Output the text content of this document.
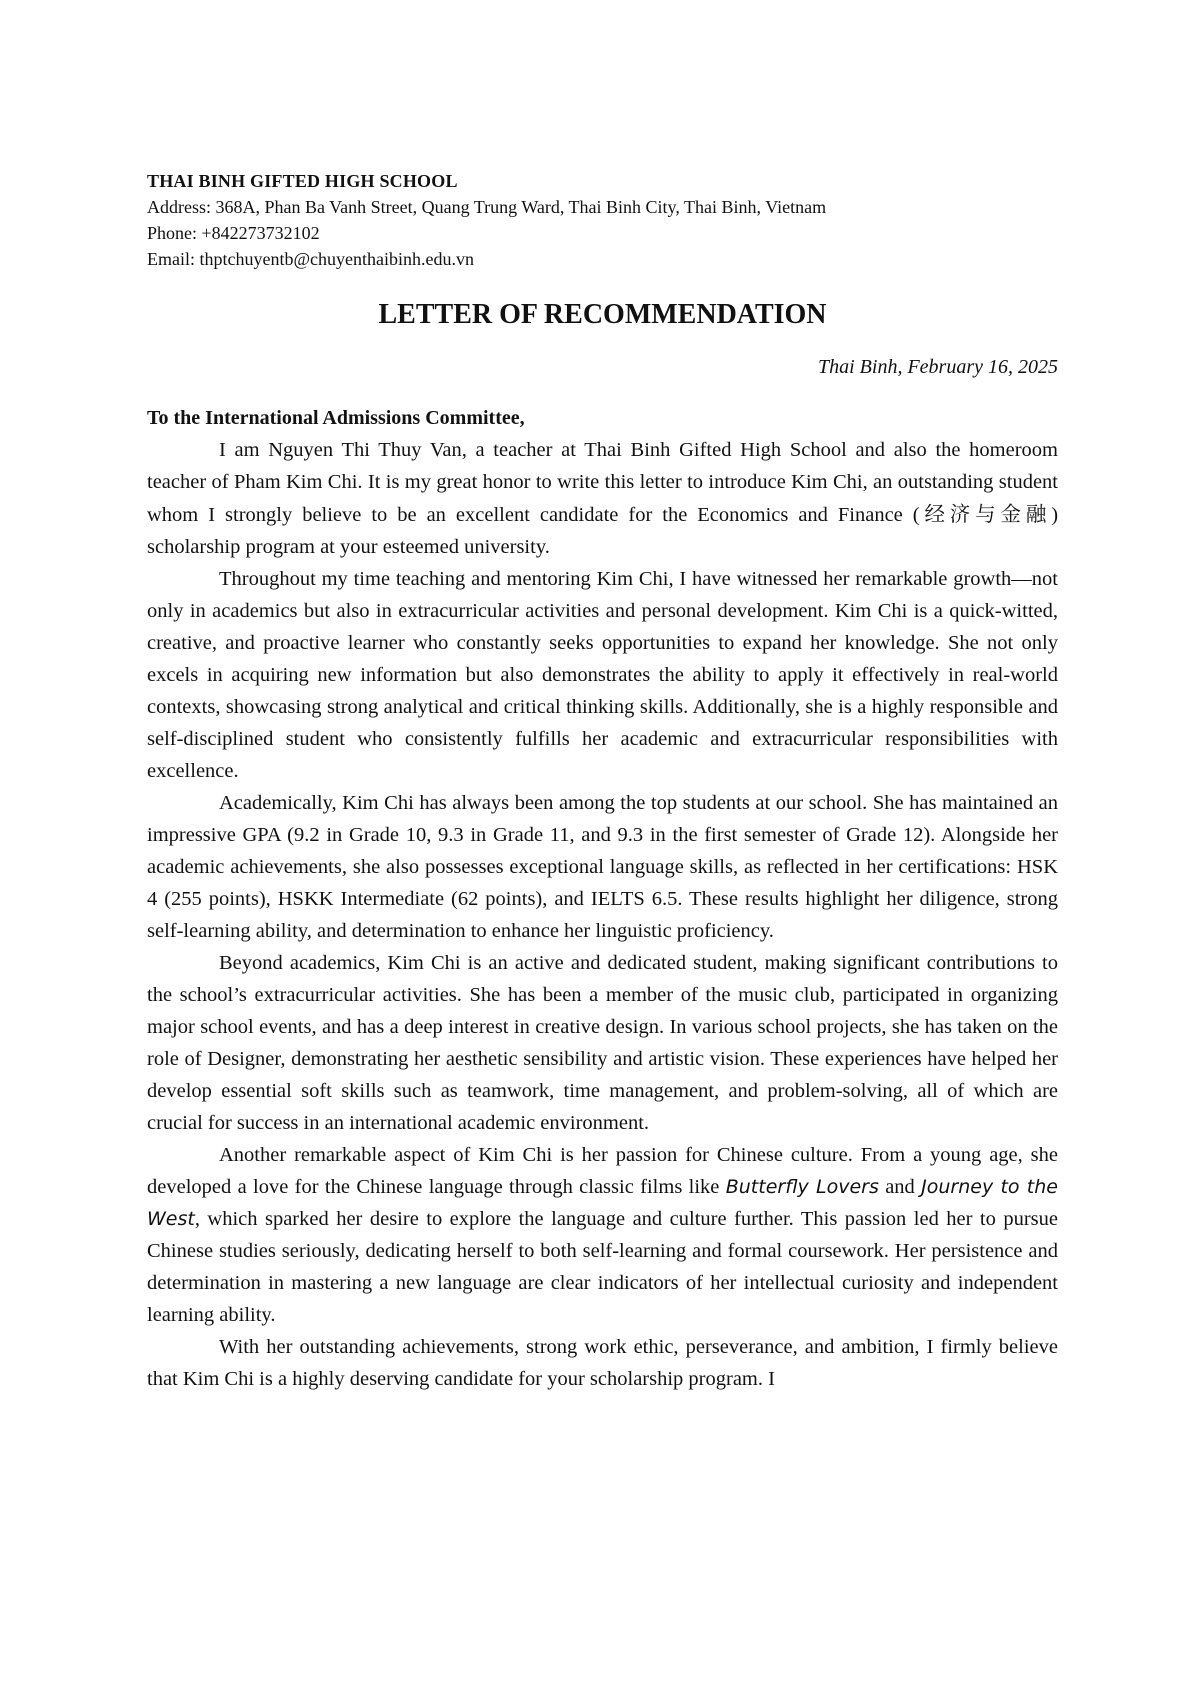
THAI BINH GIFTED HIGH SCHOOL
Address: 368A, Phan Ba Vanh Street, Quang Trung Ward, Thai Binh City, Thai Binh, Vietnam
Phone: +842273732102
Email: thptchuyentb@chuyenthaibinh.edu.vn
LETTER OF RECOMMENDATION
Thai Binh, February 16, 2025
To the International Admissions Committee,

I am Nguyen Thi Thuy Van, a teacher at Thai Binh Gifted High School and also the homeroom teacher of Pham Kim Chi. It is my great honor to write this letter to introduce Kim Chi, an outstanding student whom I strongly believe to be an excellent candidate for the Economics and Finance (经济与金融) scholarship program at your esteemed university.

Throughout my time teaching and mentoring Kim Chi, I have witnessed her remarkable growth—not only in academics but also in extracurricular activities and personal development. Kim Chi is a quick-witted, creative, and proactive learner who constantly seeks opportunities to expand her knowledge. She not only excels in acquiring new information but also demonstrates the ability to apply it effectively in real-world contexts, showcasing strong analytical and critical thinking skills. Additionally, she is a highly responsible and self-disciplined student who consistently fulfills her academic and extracurricular responsibilities with excellence.

Academically, Kim Chi has always been among the top students at our school. She has maintained an impressive GPA (9.2 in Grade 10, 9.3 in Grade 11, and 9.3 in the first semester of Grade 12). Alongside her academic achievements, she also possesses exceptional language skills, as reflected in her certifications: HSK 4 (255 points), HSKK Intermediate (62 points), and IELTS 6.5. These results highlight her diligence, strong self-learning ability, and determination to enhance her linguistic proficiency.

Beyond academics, Kim Chi is an active and dedicated student, making significant contributions to the school’s extracurricular activities. She has been a member of the music club, participated in organizing major school events, and has a deep interest in creative design. In various school projects, she has taken on the role of Designer, demonstrating her aesthetic sensibility and artistic vision. These experiences have helped her develop essential soft skills such as teamwork, time management, and problem-solving, all of which are crucial for success in an international academic environment.

Another remarkable aspect of Kim Chi is her passion for Chinese culture. From a young age, she developed a love for the Chinese language through classic films like Butterfly Lovers and Journey to the West, which sparked her desire to explore the language and culture further. This passion led her to pursue Chinese studies seriously, dedicating herself to both self-learning and formal coursework. Her persistence and determination in mastering a new language are clear indicators of her intellectual curiosity and independent learning ability.

With her outstanding achievements, strong work ethic, perseverance, and ambition, I firmly believe that Kim Chi is a highly deserving candidate for your scholarship program. I
